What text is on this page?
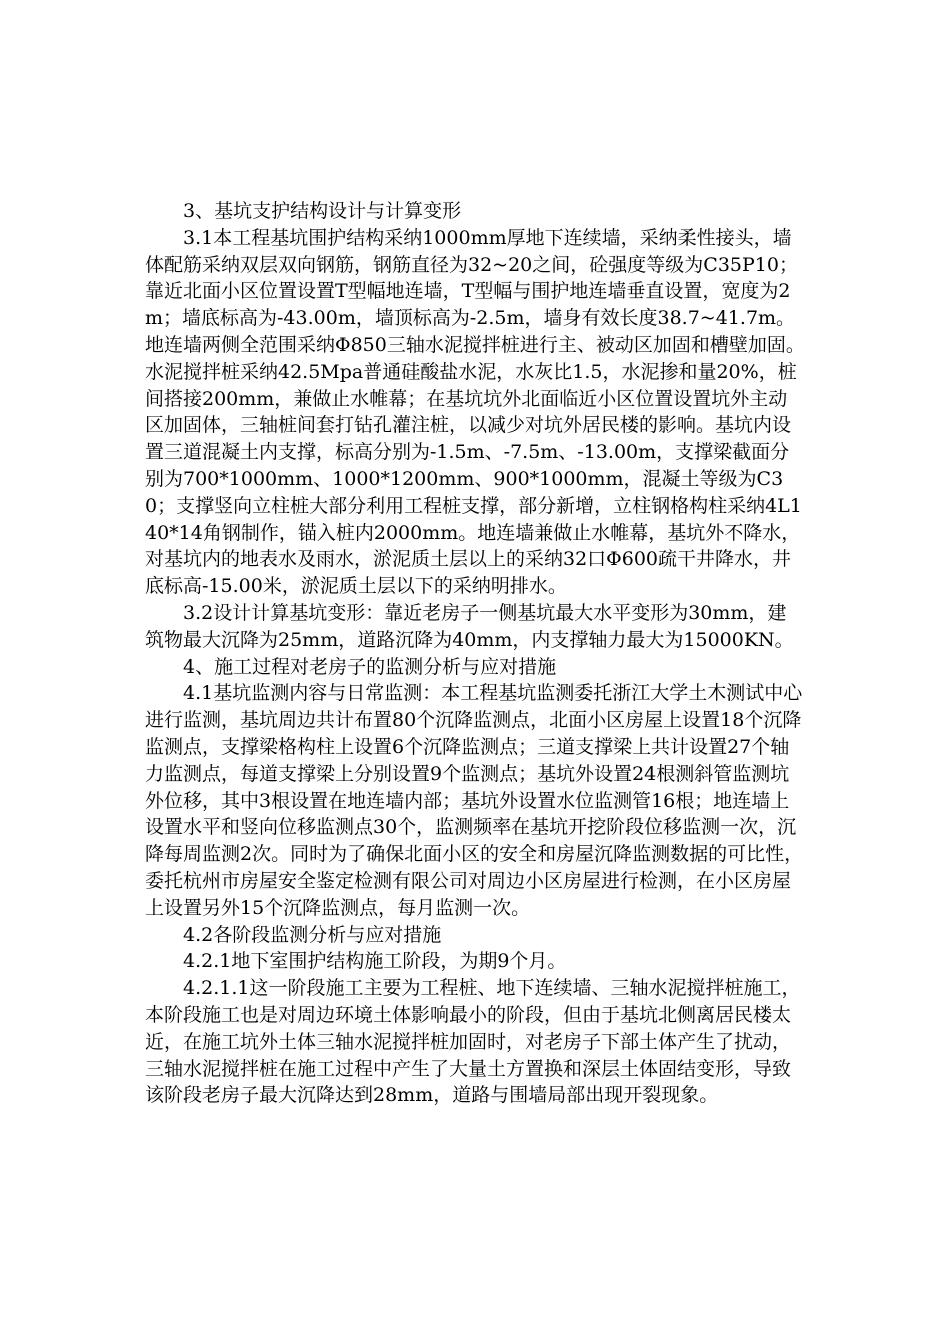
3、基坑支护结构设计与计算变形

3.1本工程基坑围护结构采纳1000mm厚地下连续墙，采纳柔性接头，墙体配筋采纳双层双向钢筋，钢筋直径为32~20之间，砼强度等级为C35P10；靠近北面小区位置设置T型幅地连墙，T型幅与围护地连墙垂直设置，宽度为2m；墙底标高为-43.00m，墙顶标高为-2.5m，墙身有效长度38.7~41.7m。地连墙两侧全范围采纳Φ850三轴水泥搅拌桩进行主、被动区加固和槽壁加固。水泥搅拌桩采纳42.5Mpa普通硅酸盐水泥，水灰比1.5，水泥掺和量20%，桩间搭接200mm，兼做止水帷幕；在基坑坑外北面临近小区位置设置坑外主动区加固体，三轴桩间套打钻孔灌注桩，以减少对坑外居民楼的影响。基坑内设置三道混凝土内支撑，标高分别为-1.5m、-7.5m、-13.00m，支撑梁截面分别为700*1000mm、1000*1200mm、900*1000mm，混凝土等级为C30；支撑竖向立柱桩大部分利用工程桩支撑，部分新增，立柱钢格构柱采纳4L140*14角钢制作，锚入桩内2000mm。地连墙兼做止水帷幕，基坑外不降水，对基坑内的地表水及雨水，淤泥质土层以上的采纳32口Φ600疏干井降水，井底标高-15.00米，淤泥质土层以下的采纳明排水。

3.2设计计算基坑变形：靠近老房子一侧基坑最大水平变形为30mm，建筑物最大沉降为25mm，道路沉降为40mm，内支撑轴力最大为15000KN。

4、施工过程对老房子的监测分析与应对措施

4.1基坑监测内容与日常监测：本工程基坑监测委托浙江大学土木测试中心进行监测，基坑周边共计布置80个沉降监测点，北面小区房屋上设置18个沉降监测点，支撑梁格构柱上设置6个沉降监测点；三道支撑梁上共计设置27个轴力监测点，每道支撑梁上分别设置9个监测点；基坑外设置24根测斜管监测坑外位移，其中3根设置在地连墙内部；基坑外设置水位监测管16根；地连墙上设置水平和竖向位移监测点30个，监测频率在基坑开挖阶段位移监测一次，沉降每周监测2次。同时为了确保北面小区的安全和房屋沉降监测数据的可比性，委托杭州市房屋安全鉴定检测有限公司对周边小区房屋进行检测，在小区房屋上设置另外15个沉降监测点，每月监测一次。

4.2各阶段监测分析与应对措施

4.2.1地下室围护结构施工阶段，为期9个月。

4.2.1.1这一阶段施工主要为工程桩、地下连续墙、三轴水泥搅拌桩施工，本阶段施工也是对周边环境土体影响最小的阶段，但由于基坑北侧离居民楼太近，在施工坑外土体三轴水泥搅拌桩加固时，对老房子下部土体产生了扰动，三轴水泥搅拌桩在施工过程中产生了大量土方置换和深层土体固结变形，导致该阶段老房子最大沉降达到28mm，道路与围墙局部出现开裂现象。
